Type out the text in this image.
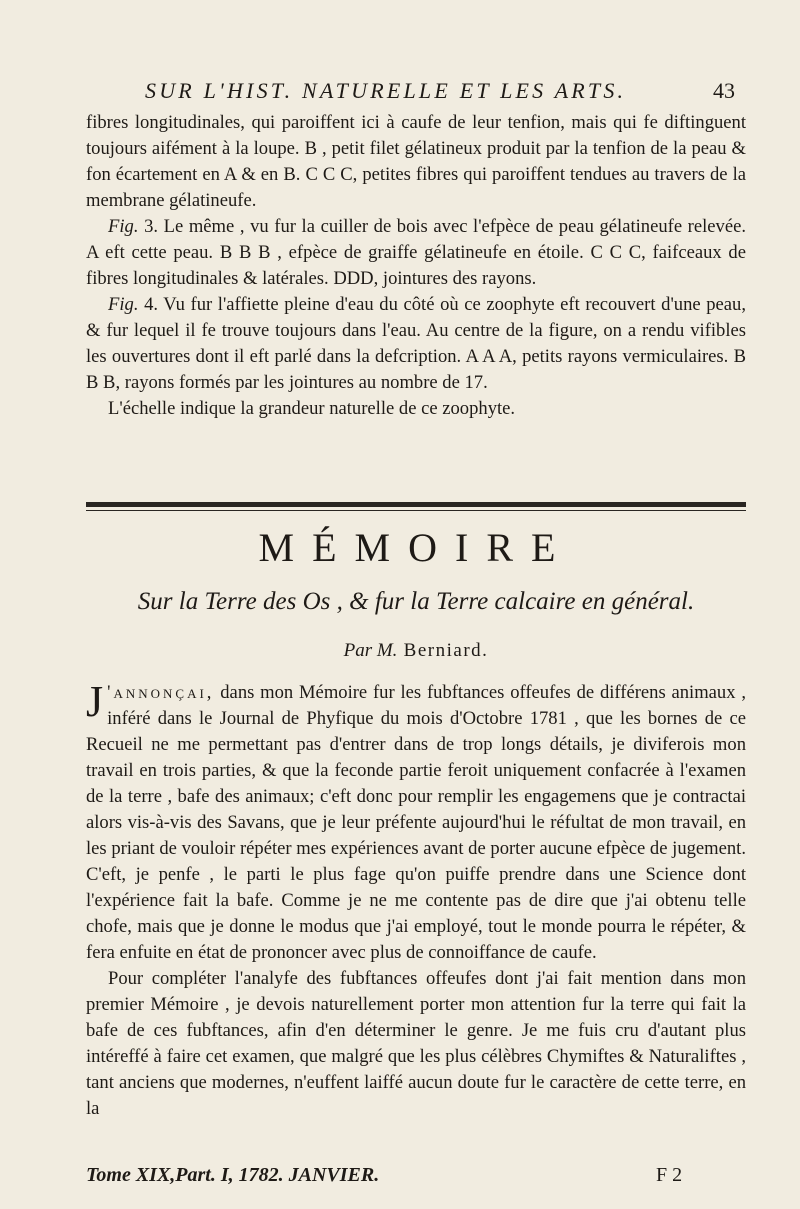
SUR L'HIST. NATURELLE ET LES ARTS.	43

fibres longitudinales, qui paroiffent ici à caufe de leur tenfion, mais qui fe diftinguent toujours aifément à la loupe. B , petit filet gélatineux produit par la tenfion de la peau & fon écartement en A & en B. C C C, petites fibres qui paroiffent tendues au travers de la membrane gélatineufe.

Fig. 3. Le même , vu fur la cuiller de bois avec l'efpèce de peau gélatineufe relevée. A eft cette peau. B B B , efpèce de graiffe gélatineufe en étoile. C C C, faifceaux de fibres longitudinales & latérales. DDD, jointures des rayons.

Fig. 4. Vu fur l'affiette pleine d'eau du côté où ce zoophyte eft recouvert d'une peau, & fur lequel il fe trouve toujours dans l'eau. Au centre de la figure, on a rendu vifibles les ouvertures dont il eft parlé dans la defcription. A A A, petits rayons vermiculaires. B B B, rayons formés par les jointures au nombre de 17.

L'échelle indique la grandeur naturelle de ce zoophyte.

MÉMOIRE
Sur la Terre des Os , & fur la Terre calcaire en général.
Par M. Berniard.

J 'annonçai, dans mon Mémoire fur les fubftances offeufes de différens animaux , inféré dans le Journal de Phyfique du mois d'Octobre 1781 , que les bornes de ce Recueil ne me permettant pas d'entrer dans de trop longs détails, je diviferois mon travail en trois parties, & que la feconde partie feroit uniquement confacrée à l'examen de la terre , bafe des animaux; c'eft donc pour remplir les engagemens que je contractai alors vis-à-vis des Savans, que je leur préfente aujourd'hui le réfultat de mon travail, en les priant de vouloir répéter mes expériences avant de porter aucune efpèce de jugement. C'eft, je penfe , le parti le plus fage qu'on puiffe prendre dans une Science dont l'expérience fait la bafe. Comme je ne me contente pas de dire que j'ai obtenu telle chofe, mais que je donne le modus que j'ai employé, tout le monde pourra le répéter, & fera enfuite en état de prononcer avec plus de connoiffance de caufe.

Pour compléter l'analyfe des fubftances offeufes dont j'ai fait mention dans mon premier Mémoire , je devois naturellement porter mon attention fur la terre qui fait la bafe de ces fubftances, afin d'en déterminer le genre. Je me fuis cru d'autant plus intéreffé à faire cet examen, que malgré que les plus célèbres Chymiftes & Naturaliftes , tant anciens que modernes, n'euffent laiffé aucun doute fur le caractère de cette terre, en la

Tome XIX,Part. I, 1782. JANVIER.	F 2
